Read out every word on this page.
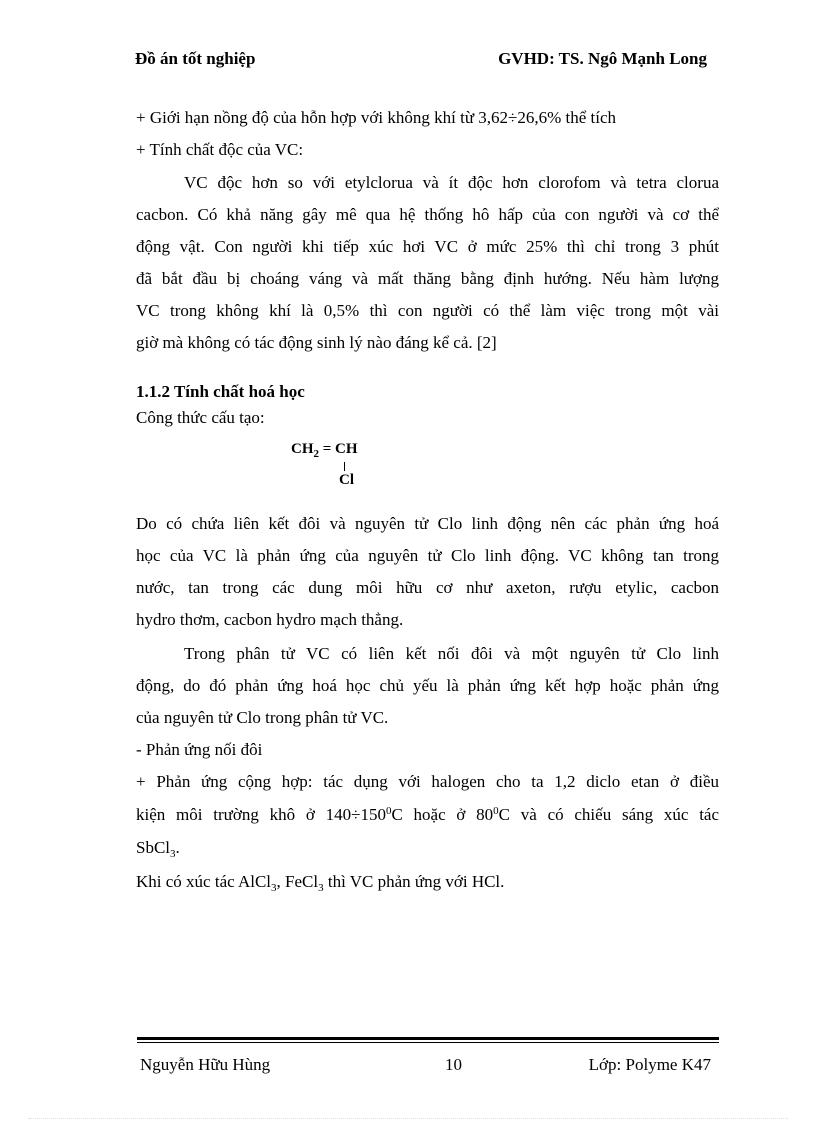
Đồ án tốt nghiệp	GVHD: TS. Ngô Mạnh Long
+ Giới hạn nồng độ của hỗn hợp với không khí từ 3,62÷26,6% thể tích
+ Tính chất độc của VC:
VC độc hơn so với etylclorua và ít độc hơn clorofom và tetra clorua
cacbon. Có khả năng gây mê qua hệ thống hô hấp của con người và cơ thể
động vật. Con người khi tiếp xúc hơi VC ở mức 25% thì chỉ trong 3 phút
đã bắt đầu bị choáng váng và mất thăng bằng định hướng. Nếu hàm lượng
VC trong không khí là 0,5% thì con người có thể làm việc trong một vài
giờ mà không có tác động sinh lý nào đáng kể cả. [2]
1.1.2 Tính chất hoá học
Công thức cấu tạo:
$CH_2$ = CH
Cl
Do có chứa liên kết đôi và nguyên tử Clo linh động nên các phản ứng hoá
học của VC là phản ứng của nguyên tử Clo linh động. VC không tan trong
nước, tan trong các dung môi hữu cơ như axeton, rượu etylic, cacbon
hydro thơm, cacbon hydro mạch thẳng.
Trong phân tử VC có liên kết nối đôi và một nguyên tử Clo linh
động, do đó phản ứng hoá học chủ yếu là phản ứng kết hợp hoặc phản ứng
của nguyên tử Clo trong phân tử VC.
- Phản ứng nối đôi
+ Phản ứng cộng hợp: tác dụng với halogen cho ta 1,2 diclo etan ở điều
kiện môi trường khô ở $140\div 150^0C$ hoặc ở $80^0C$ và có chiếu sáng xúc tác
SbCl$_3$.
Khi có xúc tác AlCl$_3$, FeCl$_3$ thì VC phản ứng với HCl.
Nguyễn Hữu Hùng	10	Lớp: Polyme K47
